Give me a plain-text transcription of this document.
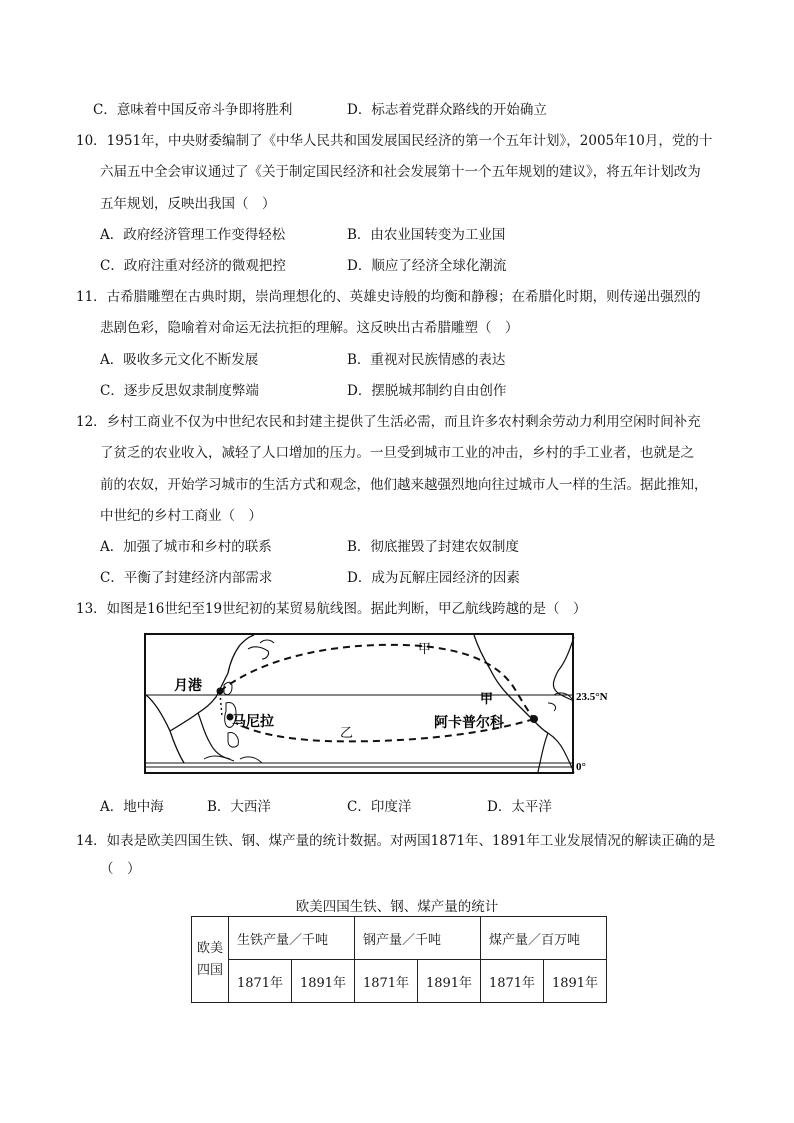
C．意味着中国反帝斗争即将胜利	D．标志着党群众路线的开始确立
10．1951年，中央财委编制了《中华人民共和国发展国民经济的第一个五年计划》，2005年10月，党的十
六届五中全会审议通过了《关于制定国民经济和社会发展第十一个五年规划的建议》，将五年计划改为
五年规划，反映出我国（　）
A．政府经济管理工作变得轻松	B．由农业国转变为工业国
C．政府注重对经济的微观把控	D．顺应了经济全球化潮流
11．古希腊雕塑在古典时期，崇尚理想化的、英雄史诗般的均衡和静穆；在希腊化时期，则传递出强烈的
悲剧色彩，隐喻着对命运无法抗拒的理解。这反映出古希腊雕塑（　）
A．吸收多元文化不断发展	B．重视对民族情感的表达
C．逐步反思奴隶制度弊端	D．摆脱城邦制约自由创作
12．乡村工商业不仅为中世纪农民和封建主提供了生活必需，而且许多农村剩余劳动力利用空闲时间补充
了贫乏的农业收入，减轻了人口增加的压力。一旦受到城市工业的冲击，乡村的手工业者，也就是之
前的农奴，开始学习城市的生活方式和观念，他们越来越强烈地向往过城市人一样的生活。据此推知，
中世纪的乡村工商业（　）
A．加强了城市和乡村的联系	B．彻底摧毁了封建农奴制度
C．平衡了封建经济内部需求	D．成为瓦解庄园经济的因素
13．如图是16世纪至19世纪初的某贸易航线图。据此判断，甲乙航线跨越的是（　）
月港
马尼拉	阿卡普尔科
甲
甲
乙
23.5°N
0°
A．地中海	B．大西洋	C．印度洋	D．太平洋
14．如表是欧美四国生铁、钢、煤产量的统计数据。对两国1871年、1891年工业发展情况的解读正确的是
（　）
欧美四国生铁、钢、煤产量的统计
欧美四国	生铁产量／千吨		钢产量／千吨		煤产量／百万吨	
	1871年	1891年	1871年	1891年	1871年	1891年
